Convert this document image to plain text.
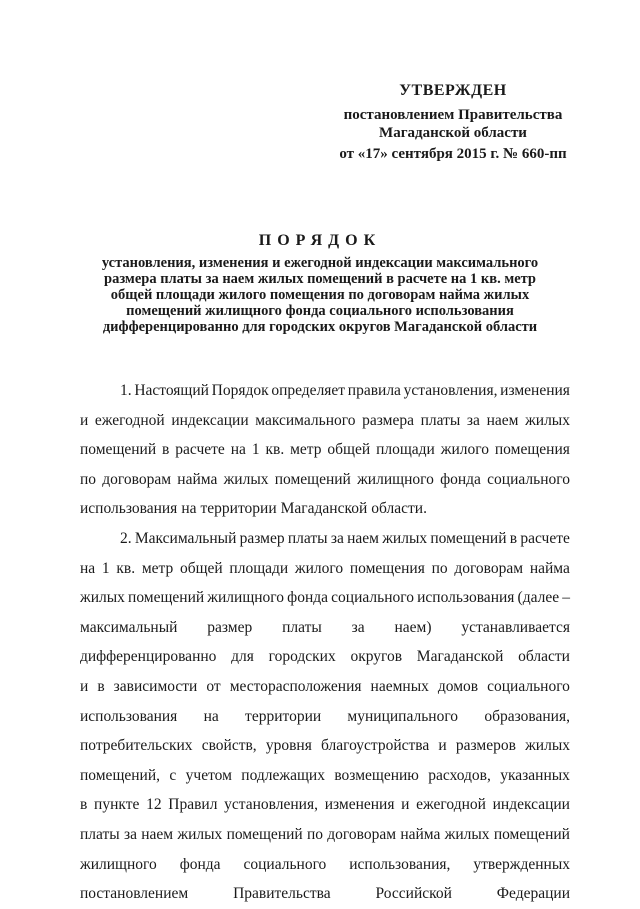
УТВЕРЖДЕН
постановлением Правительства
Магаданской области
от «17» сентября 2015 г. № 660-пп
ПОРЯДОК
установления, изменения и ежегодной индексации максимального
размера платы за наем жилых помещений в расчете на 1 кв. метр
общей площади жилого помещения по договорам найма жилых
помещений жилищного фонда социального использования
дифференцированно для городских округов Магаданской области
1. Настоящий Порядок определяет правила установления, изменения
и ежегодной индексации максимального размера платы за наем жилых
помещений в расчете на 1 кв. метр общей площади жилого помещения
по договорам найма жилых помещений жилищного фонда социального
использования на территории Магаданской области.
2. Максимальный размер платы за наем жилых помещений в расчете
на 1 кв. метр общей площади жилого помещения по договорам найма
жилых помещений жилищного фонда социального использования (далее –
максимальный размер платы за наем) устанавливается
дифференцированно для городских округов Магаданской области
и в зависимости от месторасположения наемных домов социального
использования на территории муниципального образования,
потребительских свойств, уровня благоустройства и размеров жилых
помещений, с учетом подлежащих возмещению расходов, указанных
в пункте 12 Правил установления, изменения и ежегодной индексации
платы за наем жилых помещений по договорам найма жилых помещений
жилищного фонда социального использования, утвержденных
постановлением	Правительства	Российской	Федерации
